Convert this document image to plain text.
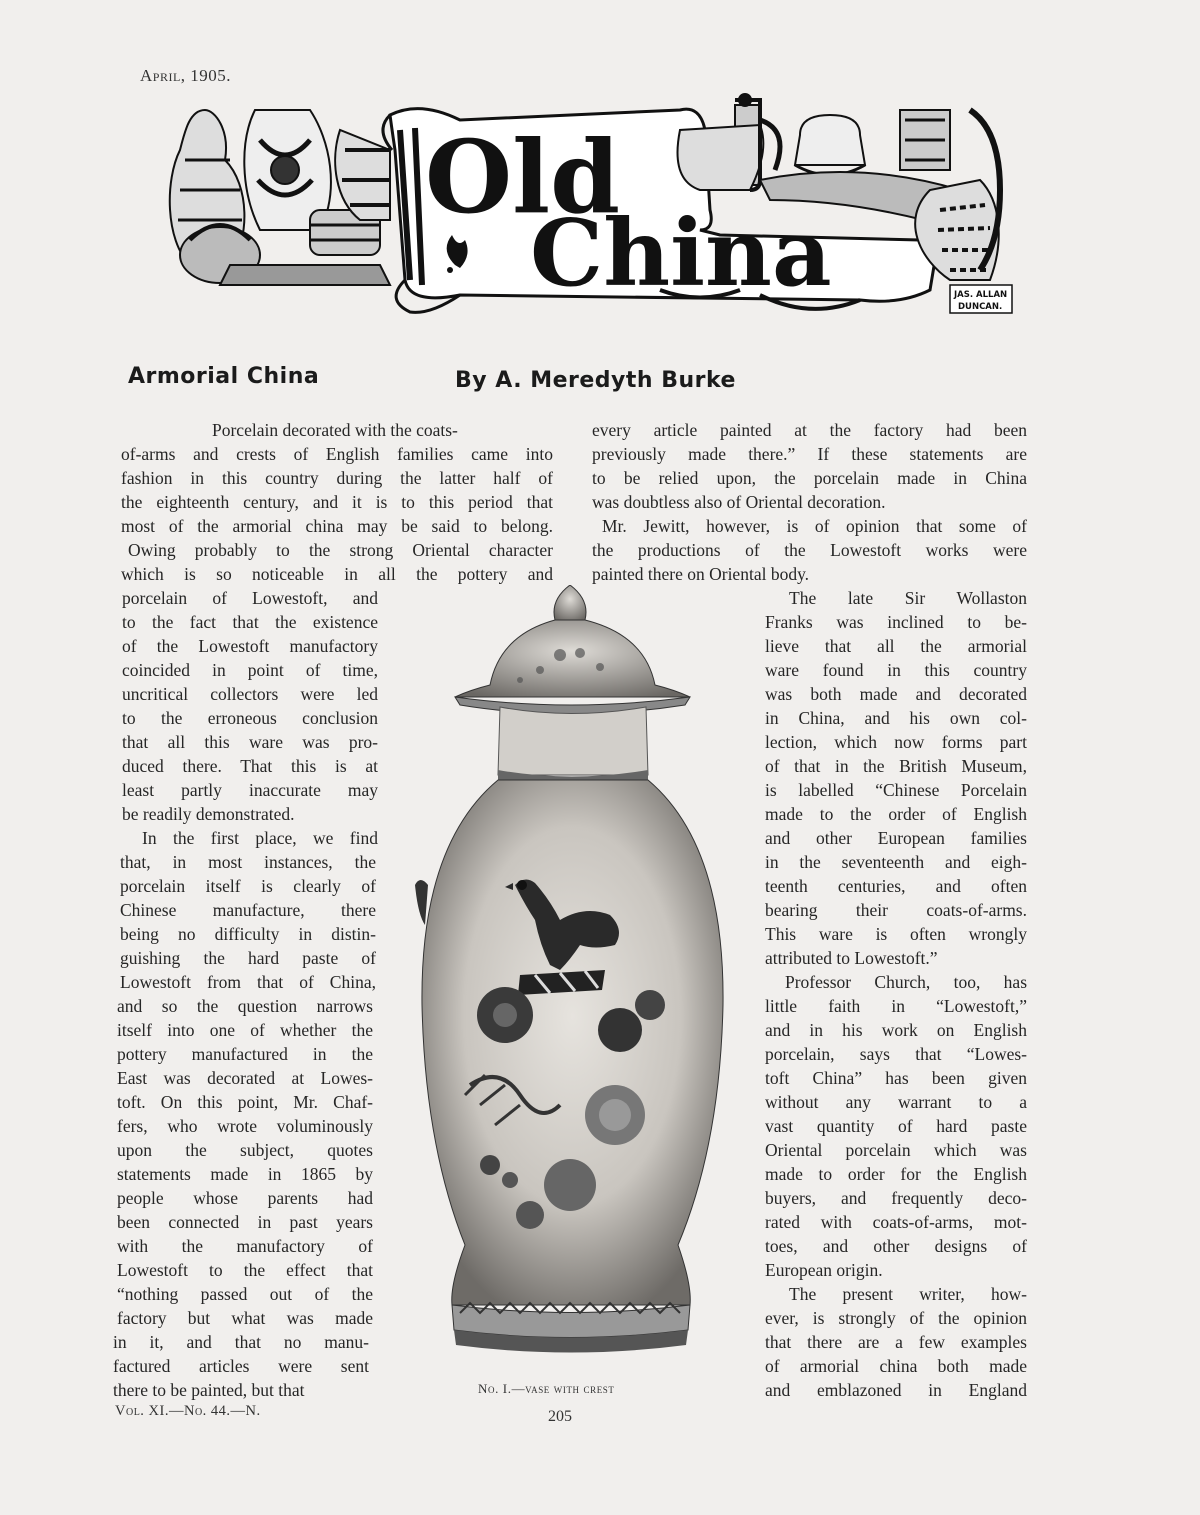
April, 1905.
Old
China	JAS. ALLAN
DUNCAN.
Armorial China	By A. Meredyth Burke
Porcelain decorated with the coats-
of-arms and crests of English families came into
fashion in this country during the latter half of
the eighteenth century, and it is to this period that
most of the armorial china may be said to belong.
Owing probably to the strong Oriental character
which is so noticeable in all the pottery and
porcelain of Lowestoft, and
to the fact that the existence
of the Lowestoft manufactory
coincided in point of time,
uncritical collectors were led
to the erroneous conclusion
that all this ware was pro-
duced there. That this is at
least partly inaccurate may
be readily demonstrated.
In the first place, we find
that, in most instances, the
porcelain itself is clearly of
Chinese manufacture, there
being no difficulty in distin-
guishing the hard paste of
Lowestoft from that of China,
and so the question narrows
itself into one of whether the
pottery manufactured in the
East was decorated at Lowes-
toft. On this point, Mr. Chaf-
fers, who wrote voluminously
upon the subject, quotes
statements made in 1865 by
people whose parents had
been connected in past years
with the manufactory of
Lowestoft to the effect that
“nothing passed out of the
factory but what was made
in it, and that no manu-
factured articles were sent
there to be painted, but that
every article painted at the factory had been
previously made there.” If these statements are
to be relied upon, the porcelain made in China
was doubtless also of Oriental decoration.
Mr. Jewitt, however, is of opinion that some of
the productions of the Lowestoft works were
painted there on Oriental body.
The late Sir Wollaston
Franks was inclined to be-
lieve that all the armorial
ware found in this country
was both made and decorated
in China, and his own col-
lection, which now forms part
of that in the British Museum,
is labelled “Chinese Porcelain
made to the order of English
and other European families
in the seventeenth and eigh-
teenth centuries, and often
bearing their coats-of-arms.
This ware is often wrongly
attributed to Lowestoft.”
Professor Church, too, has
little faith in “Lowestoft,”
and in his work on English
porcelain, says that “Lowes-
toft China” has been given
without any warrant to a
vast quantity of hard paste
Oriental porcelain which was
made to order for the English
buyers, and frequently deco-
rated with coats-of-arms, mot-
toes, and other designs of
European origin.
The present writer, how-
ever, is strongly of the opinion
that there are a few examples
of armorial china both made
and emblazoned in England
No. I.—vase with crest
Vol. XI.—No. 44.—N.	205
